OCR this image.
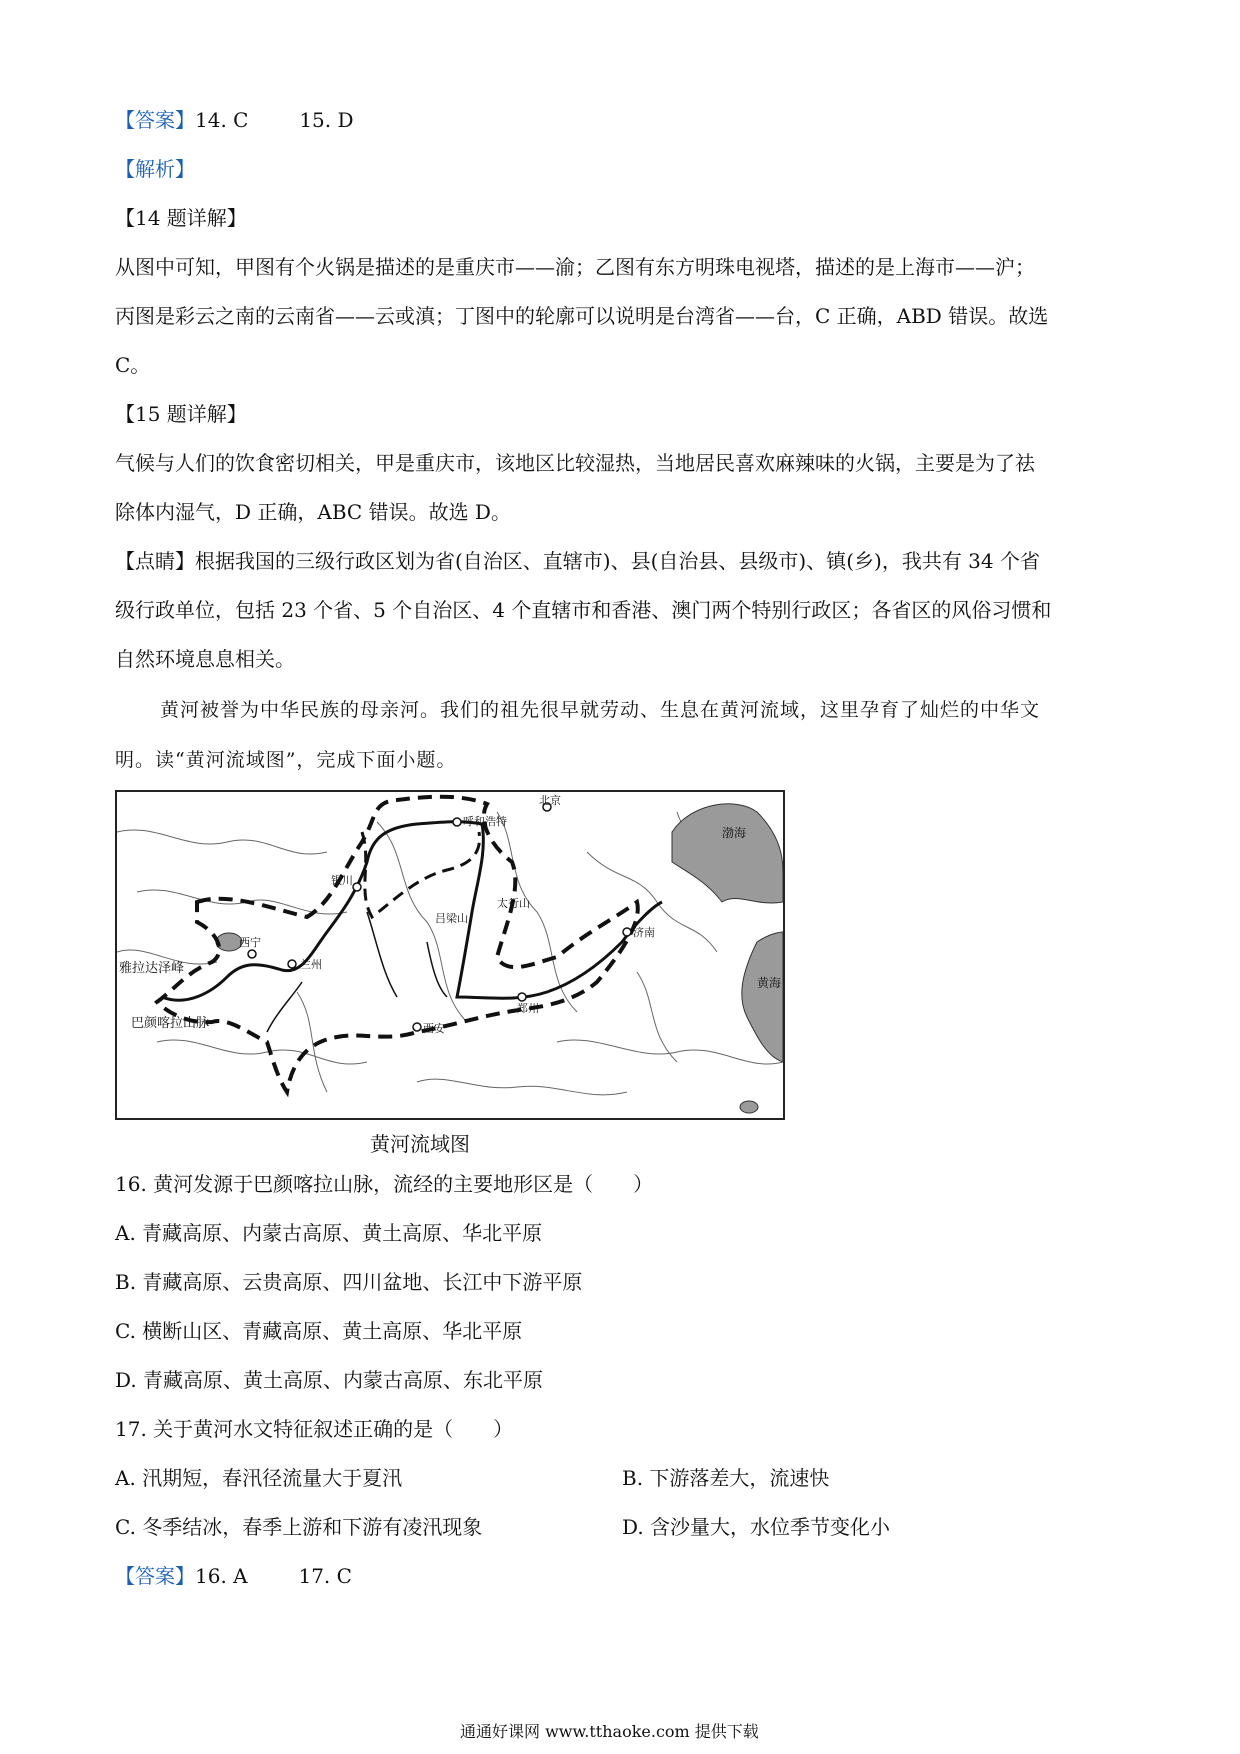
【答案】14. C        15. D
【解析】
【14 题详解】
从图中可知，甲图有个火锅是描述的是重庆市——渝；乙图有东方明珠电视塔，描述的是上海市——沪；
丙图是彩云之南的云南省——云或滇；丁图中的轮廓可以说明是台湾省——台，C 正确，ABD 错误。故选
C。
【15 题详解】
气候与人们的饮食密切相关，甲是重庆市，该地区比较湿热，当地居民喜欢麻辣味的火锅，主要是为了祛
除体内湿气，D 正确，ABC 错误。故选 D。
【点睛】根据我国的三级行政区划为省(自治区、直辖市)、县(自治县、县级市)、镇(乡)，我共有 34 个省
级行政单位，包括 23 个省、5 个自治区、4 个直辖市和香港、澳门两个特别行政区；各省区的风俗习惯和
自然环境息息相关。
黄河被誉为中华民族的母亲河。我们的祖先很早就劳动、生息在黄河流域，这里孕育了灿烂的中华文
明。读“黄河流域图”，完成下面小题。
呼和浩特
北京
银川
兰州
西宁
济南
郑州
西安
太行山
吕梁山
雅拉达泽峰
巴颜喀拉山脉
渤海
黄海
黄河流域图
16. 黄河发源于巴颜喀拉山脉，流经的主要地形区是（　　）
A. 青藏高原、内蒙古高原、黄土高原、华北平原
B. 青藏高原、云贵高原、四川盆地、长江中下游平原
C. 横断山区、青藏高原、黄土高原、华北平原
D. 青藏高原、黄土高原、内蒙古高原、东北平原
17. 关于黄河水文特征叙述正确的是（　　）
A. 汛期短，春汛径流量大于夏汛	B. 下游落差大，流速快
C. 冬季结冰，春季上游和下游有凌汛现象	D. 含沙量大，水位季节变化小
【答案】16. A        17. C
通通好课网 www.tthaoke.com 提供下载
